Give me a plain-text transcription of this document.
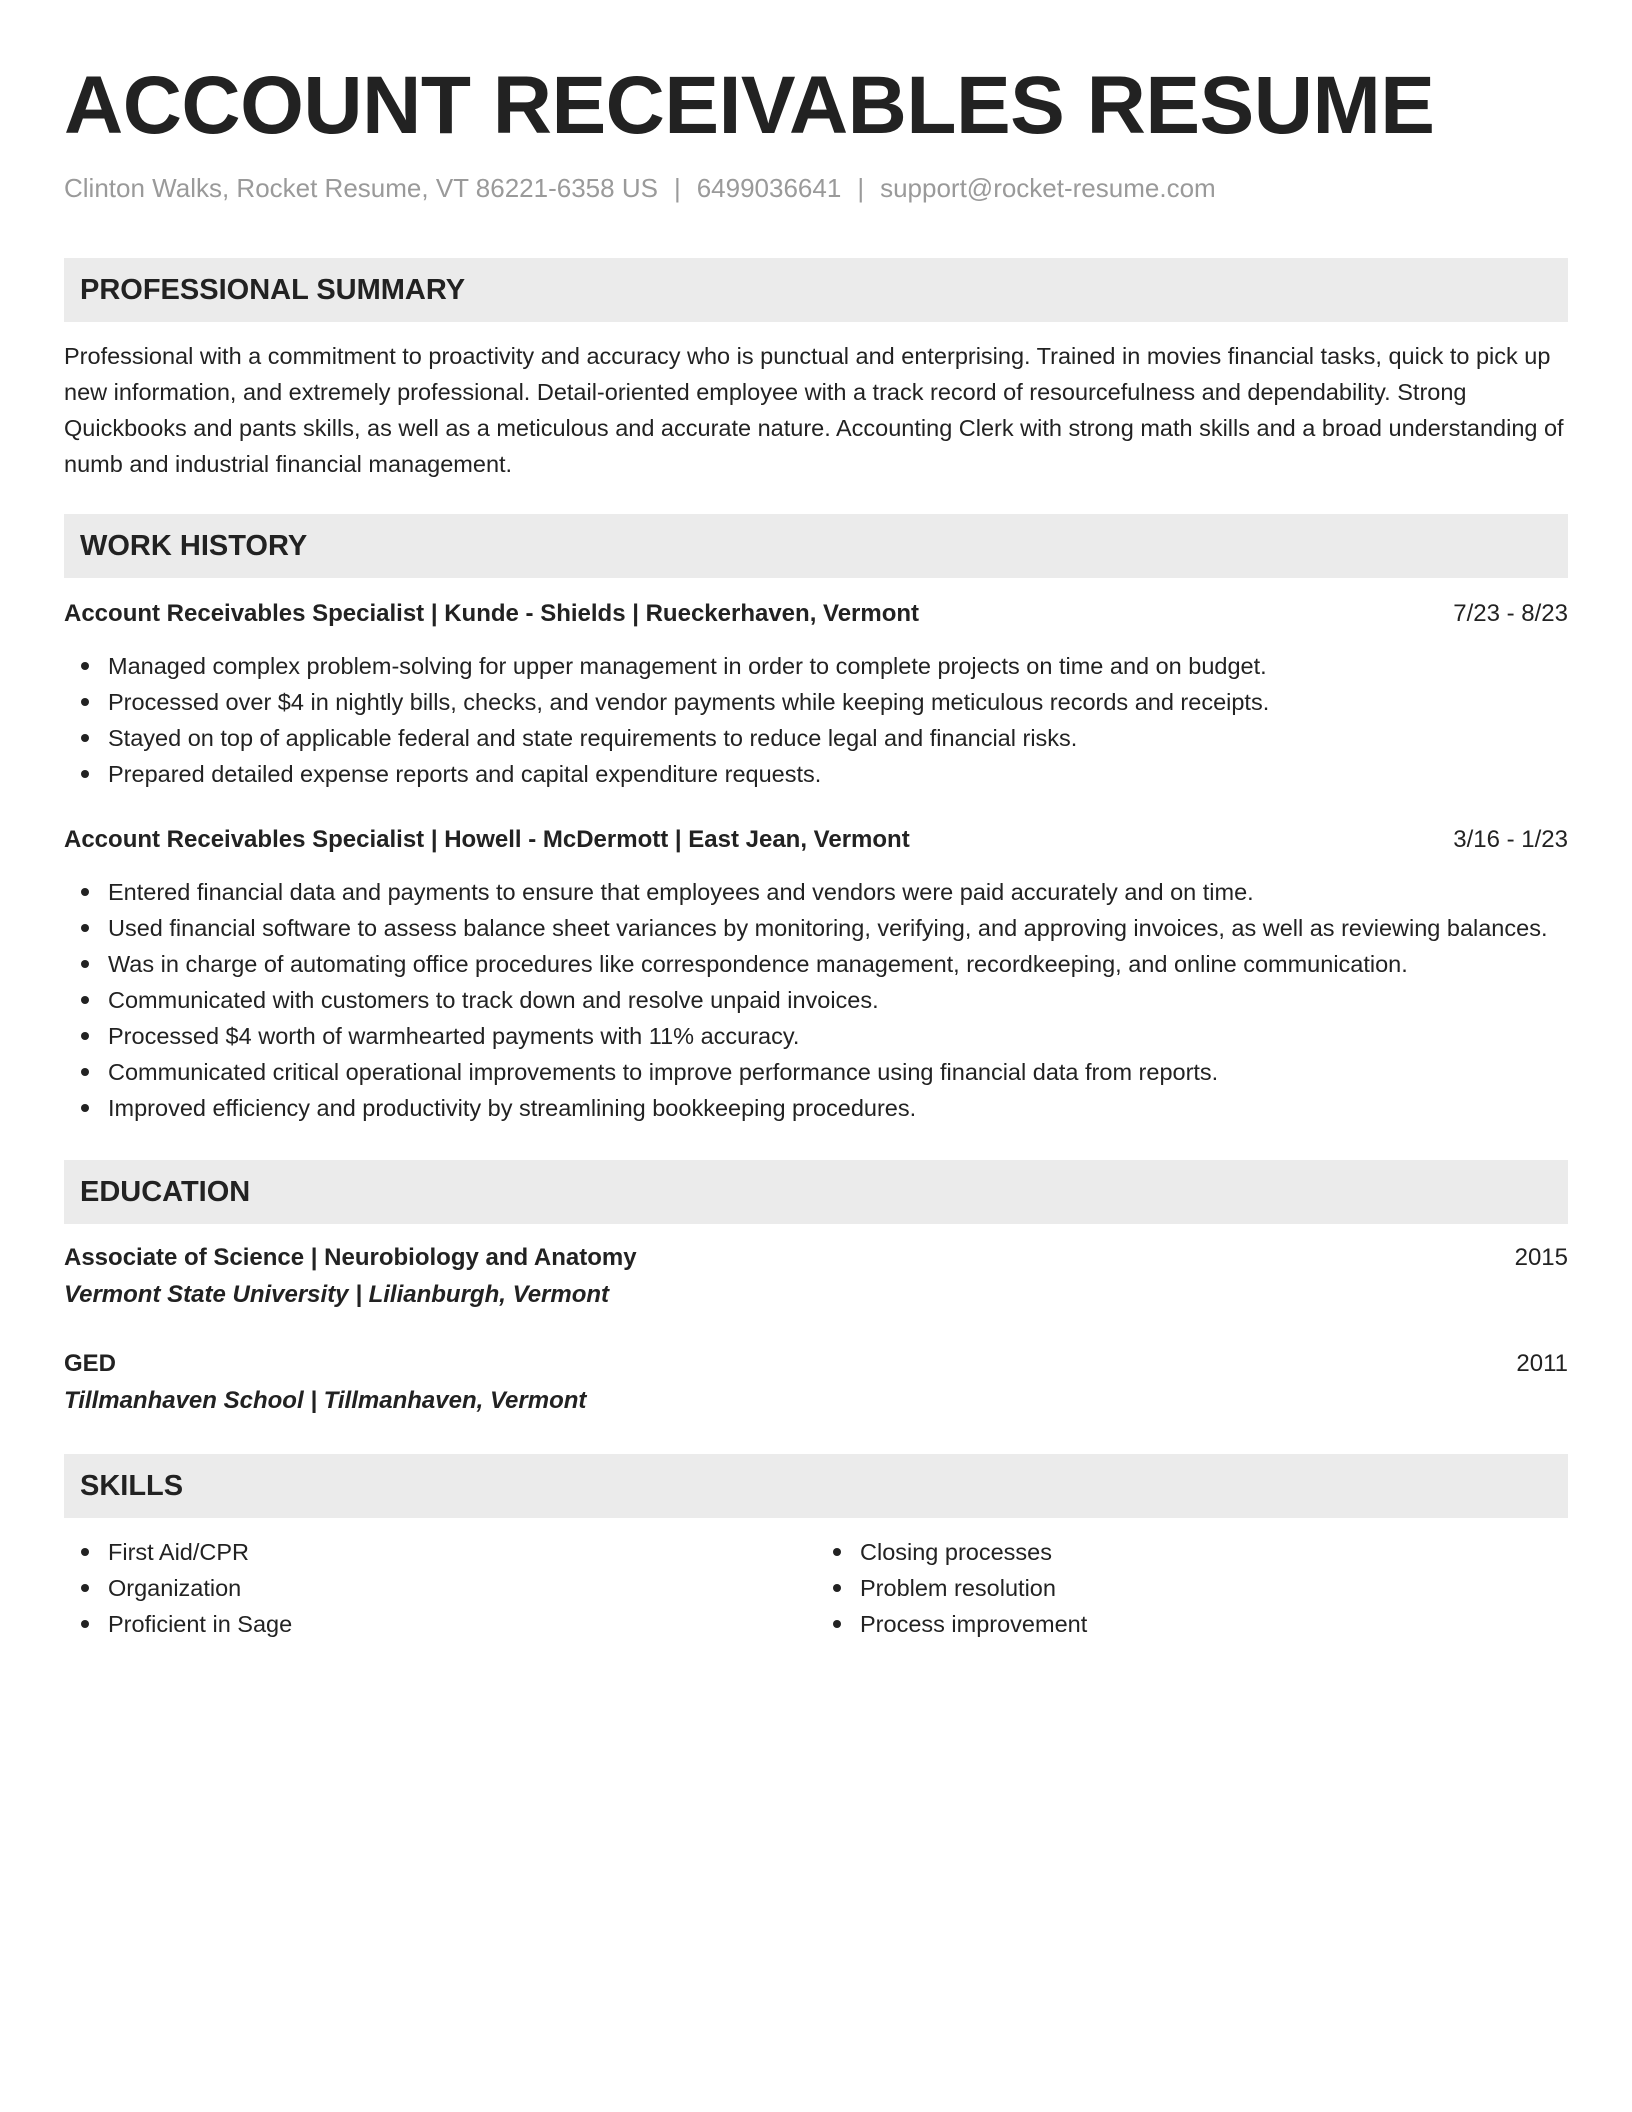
ACCOUNT RECEIVABLES RESUME
Clinton Walks, Rocket Resume, VT 86221-6358 US | 6499036641 | support@rocket-resume.com
PROFESSIONAL SUMMARY
Professional with a commitment to proactivity and accuracy who is punctual and enterprising. Trained in movies financial tasks, quick to pick up new information, and extremely professional. Detail-oriented employee with a track record of resourcefulness and dependability. Strong Quickbooks and pants skills, as well as a meticulous and accurate nature. Accounting Clerk with strong math skills and a broad understanding of numb and industrial financial management.
WORK HISTORY
Account Receivables Specialist | Kunde - Shields | Rueckerhaven, Vermont	7/23 - 8/23
Managed complex problem-solving for upper management in order to complete projects on time and on budget.
Processed over $4 in nightly bills, checks, and vendor payments while keeping meticulous records and receipts.
Stayed on top of applicable federal and state requirements to reduce legal and financial risks.
Prepared detailed expense reports and capital expenditure requests.
Account Receivables Specialist | Howell - McDermott | East Jean, Vermont	3/16 - 1/23
Entered financial data and payments to ensure that employees and vendors were paid accurately and on time.
Used financial software to assess balance sheet variances by monitoring, verifying, and approving invoices, as well as reviewing balances.
Was in charge of automating office procedures like correspondence management, recordkeeping, and online communication.
Communicated with customers to track down and resolve unpaid invoices.
Processed $4 worth of warmhearted payments with 11% accuracy.
Communicated critical operational improvements to improve performance using financial data from reports.
Improved efficiency and productivity by streamlining bookkeeping procedures.
EDUCATION
Associate of Science | Neurobiology and Anatomy	2015
Vermont State University | Lilianburgh, Vermont
GED	2011
Tillmanhaven School | Tillmanhaven, Vermont
SKILLS
First Aid/CPR
Organization
Proficient in Sage
Closing processes
Problem resolution
Process improvement
